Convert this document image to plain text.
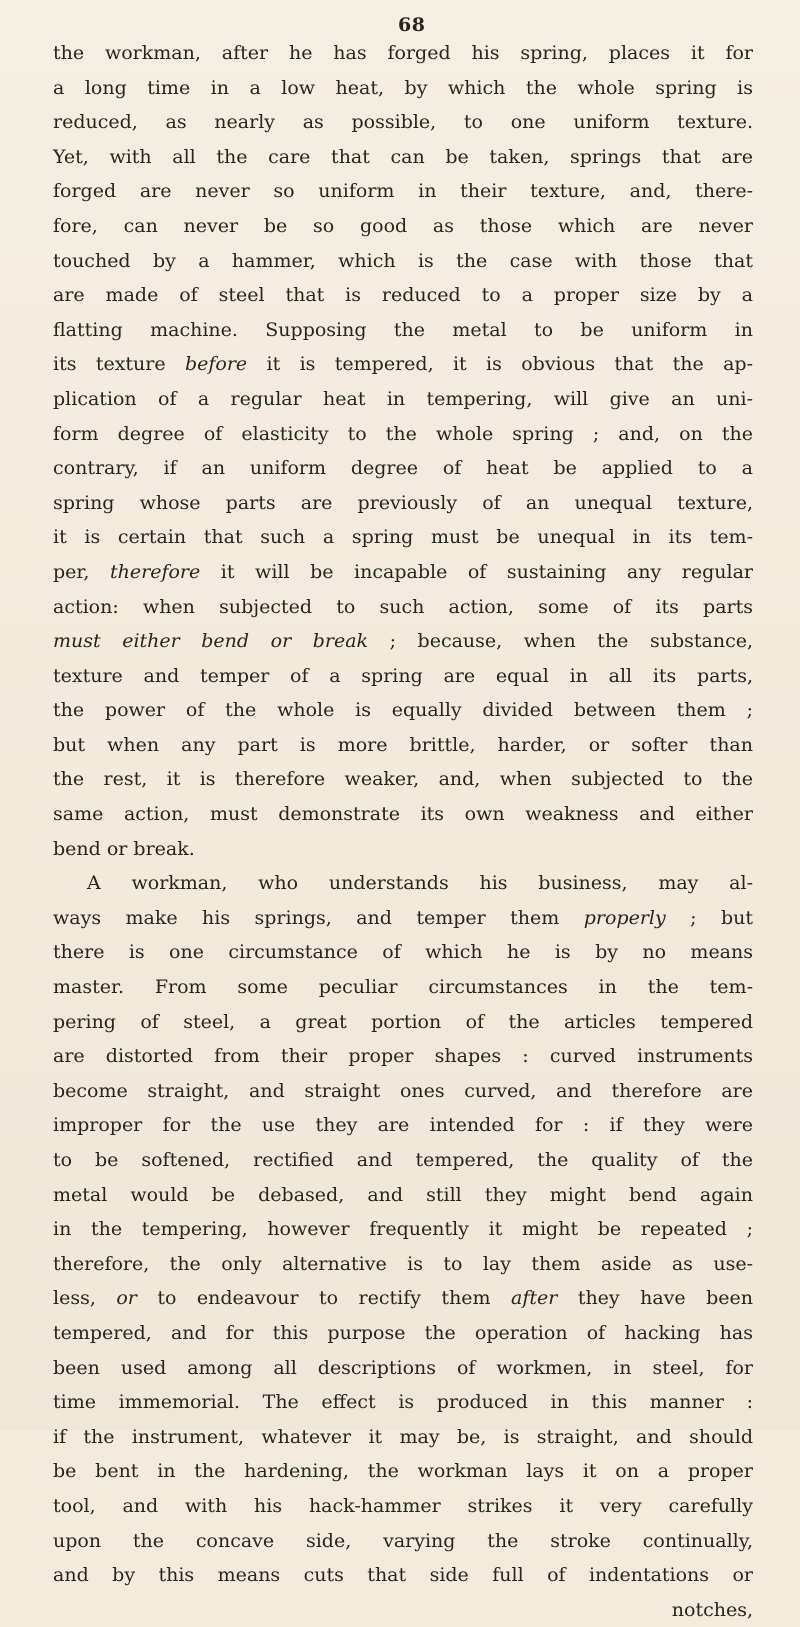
68
the workman, after he has forged his spring, places it for
a long time in a low heat, by which the whole spring is
reduced, as nearly as possible, to one uniform texture.
Yet, with all the care that can be taken, springs that are
forged are never so uniform in their texture, and, there-
fore, can never be so good as those which are never
touched by a hammer, which is the case with those that
are made of steel that is reduced to a proper size by a
flatting machine. Supposing the metal to be uniform in
its texture before it is tempered, it is obvious that the ap-
plication of a regular heat in tempering, will give an uni-
form degree of elasticity to the whole spring ; and, on the
contrary, if an uniform degree of heat be applied to a
spring whose parts are previously of an unequal texture,
it is certain that such a spring must be unequal in its tem-
per, therefore it will be incapable of sustaining any regular
action: when subjected to such action, some of its parts
must either bend or break ; because, when the substance,
texture and temper of a spring are equal in all its parts,
the power of the whole is equally divided between them ;
but when any part is more brittle, harder, or softer than
the rest, it is therefore weaker, and, when subjected to the
same action, must demonstrate its own weakness and either
bend or break.
A workman, who understands his business, may al-
ways make his springs, and temper them properly ; but
there is one circumstance of which he is by no means
master. From some peculiar circumstances in the tem-
pering of steel, a great portion of the articles tempered
are distorted from their proper shapes : curved instruments
become straight, and straight ones curved, and therefore are
improper for the use they are intended for : if they were
to be softened, rectified and tempered, the quality of the
metal would be debased, and still they might bend again
in the tempering, however frequently it might be repeated ;
therefore, the only alternative is to lay them aside as use-
less, or to endeavour to rectify them after they have been
tempered, and for this purpose the operation of hacking has
been used among all descriptions of workmen, in steel, for
time immemorial. The effect is produced in this manner :
if the instrument, whatever it may be, is straight, and should
be bent in the hardening, the workman lays it on a proper
tool, and with his hack-hammer strikes it very carefully
upon the concave side, varying the stroke continually,
and by this means cuts that side full of indentations or
notches,
